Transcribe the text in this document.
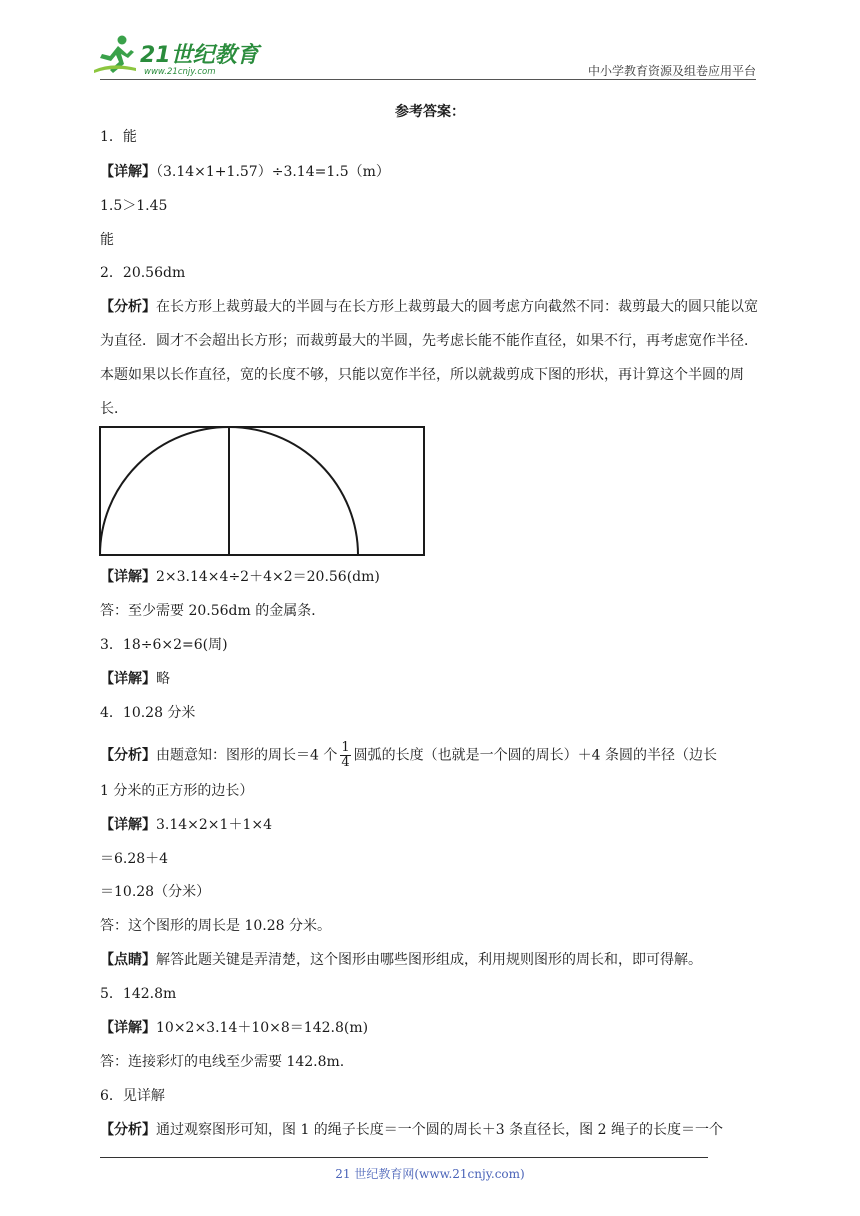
21世纪教育
www.21cnjy.com	中小学教育资源及组卷应用平台
参考答案：
1．能
【详解】（3.14×1+1.57）÷3.14=1.5（m）
1.5＞1.45
能
2．20.56dm
【分析】在长方形上裁剪最大的半圆与在长方形上裁剪最大的圆考虑方向截然不同：裁剪最大的圆只能以宽为直径．圆才不会超出长方形；而裁剪最大的半圆，先考虑长能不能作直径，如果不行，再考虑宽作半径．本题如果以长作直径，宽的长度不够，只能以宽作半径，所以就裁剪成下图的形状，再计算这个半圆的周长．
【详解】2×3.14×4÷2＋4×2＝20.56(dm)
答：至少需要 20.56dm 的金属条．
3．18÷6×2=6(周)
【详解】略
4．10.28 分米
【分析】由题意知：图形的周长＝4 个 $\frac{1}{4}$ 圆弧的长度（也就是一个圆的周长）＋4 条圆的半径（边长
1 分米的正方形的边长）
【详解】3.14×2×1＋1×4
＝6.28＋4
＝10.28（分米）
答：这个图形的周长是 10.28 分米。
【点睛】解答此题关键是弄清楚，这个图形由哪些图形组成，利用规则图形的周长和，即可得解。
5．142.8m
【详解】10×2×3.14＋10×8＝142.8(m)
答：连接彩灯的电线至少需要 142.8m.
6．见详解
【分析】通过观察图形可知，图 1 的绳子长度＝一个圆的周长＋3 条直径长，图 2 绳子的长度＝一个
21 世纪教育网(www.21cnjy.com)
